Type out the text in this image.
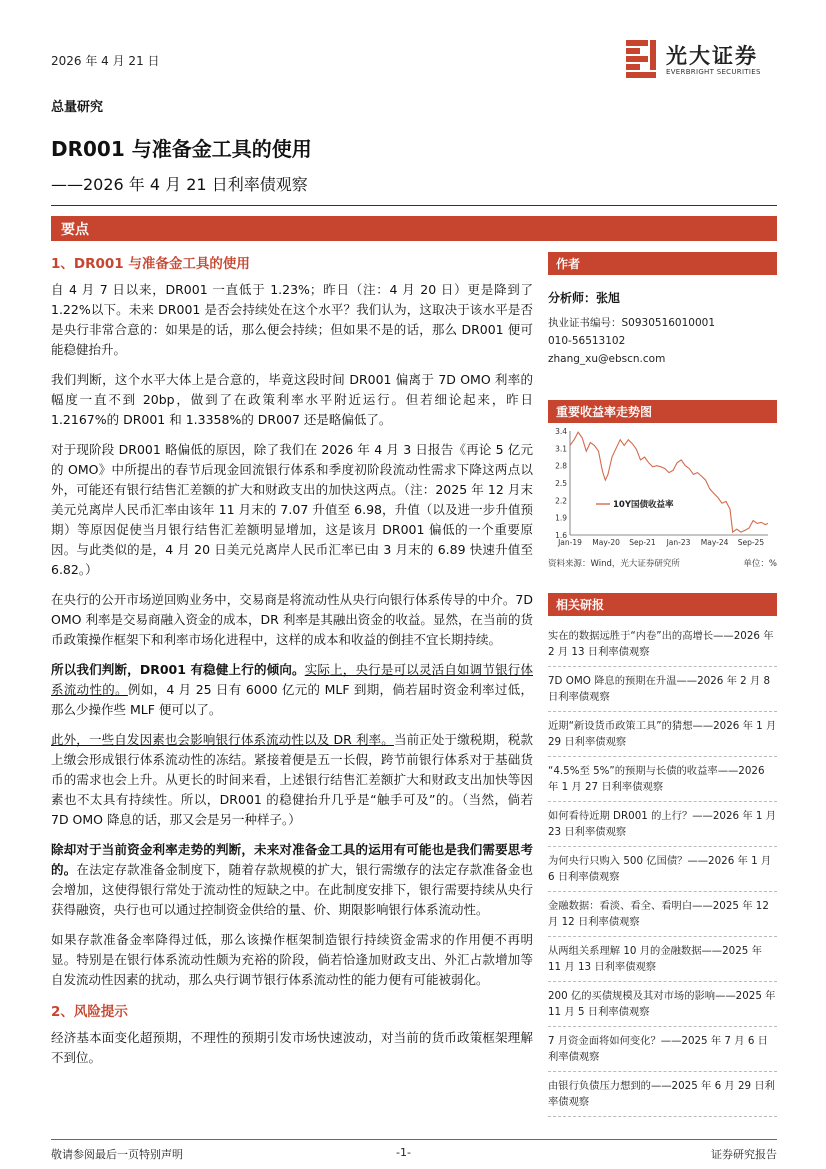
2026 年 4 月 21 日	光大证券
EVERBRIGHT SECURITIES
总量研究
DR001 与准备金工具的使用
——2026 年 4 月 21 日利率债观察
要点
1、DR001 与准备金工具的使用

自 4 月 7 日以来，DR001 一直低于 1.23%；昨日（注：4 月 20 日）更是降到了 1.22%以下。未来 DR001 是否会持续处在这个水平？我们认为，这取决于该水平是否是央行非常合意的：如果是的话，那么便会持续；但如果不是的话，那么 DR001 便可能稳健抬升。

我们判断，这个水平大体上是合意的，毕竟这段时间 DR001 偏离于 7D OMO 利率的幅度一直不到 20bp，做到了在政策利率水平附近运行。但若细论起来，昨日 1.2167%的 DR001 和 1.3358%的 DR007 还是略偏低了。

对于现阶段 DR001 略偏低的原因，除了我们在 2026 年 4 月 3 日报告《再论 5 亿元的 OMO》中所提出的春节后现金回流银行体系和季度初阶段流动性需求下降这两点以外，可能还有银行结售汇差额的扩大和财政支出的加快这两点。（注：2025 年 12 月末美元兑离岸人民币汇率由该年 11 月末的 7.07 升值至 6.98，升值（以及进一步升值预期）等原因促使当月银行结售汇差额明显增加，这是该月 DR001 偏低的一个重要原因。与此类似的是，4 月 20 日美元兑离岸人民币汇率已由 3 月末的 6.89 快速升值至 6.82。）

在央行的公开市场逆回购业务中，交易商是将流动性从央行向银行体系传导的中介。7D OMO 利率是交易商融入资金的成本，DR 利率是其融出资金的收益。显然，在当前的货币政策操作框架下和利率市场化进程中，这样的成本和收益的倒挂不宜长期持续。

所以我们判断，DR001 有稳健上行的倾向。实际上，央行是可以灵活自如调节银行体系流动性的。例如，4 月 25 日有 6000 亿元的 MLF 到期，倘若届时资金利率过低，那么少操作些 MLF 便可以了。

此外，一些自发因素也会影响银行体系流动性以及 DR 利率。当前正处于缴税期，税款上缴会形成银行体系流动性的冻结。紧接着便是五一长假，跨节前银行体系对于基础货币的需求也会上升。从更长的时间来看，上述银行结售汇差额扩大和财政支出加快等因素也不太具有持续性。所以，DR001 的稳健抬升几乎是“触手可及”的。（当然，倘若 7D OMO 降息的话，那又会是另一种样子。）

除却对于当前资金利率走势的判断，未来对准备金工具的运用有可能也是我们需要思考的。在法定存款准备金制度下，随着存款规模的扩大，银行需缴存的法定存款准备金也会增加，这使得银行常处于流动性的短缺之中。在此制度安排下，银行需要持续从央行获得融资，央行也可以通过控制资金供给的量、价、期限影响银行体系流动性。

如果存款准备金率降得过低，那么该操作框架制造银行持续资金需求的作用便不再明显。特别是在银行体系流动性颇为充裕的阶段，倘若恰逢加财政支出、外汇占款增加等自发流动性因素的扰动，那么央行调节银行体系流动性的能力便有可能被弱化。

2、风险提示

经济基本面变化超预期，不理性的预期引发市场快速波动，对当前的货币政策框架理解不到位。

作者
分析师：张旭
执业证书编号：S0930516010001
010-56513102
zhang_xu@ebscn.com
重要收益率走势图
3.4
3.1
2.8
2.5
2.2
1.9
1.6
Jan-19 May-20 Sep-21 Jan-23 May-24 Sep-25
10Y国债收益率
资料来源：Wind，光大证券研究所	单位：%
相关研报
实在的数据远胜于“内卷”出的高增长——2026 年 2 月 13 日利率债观察
7D OMO 降息的预期在升温——2026 年 2 月 8 日利率债观察
近期“新设货币政策工具”的猜想——2026 年 1 月 29 日利率债观察
“4.5%至 5%”的预期与长债的收益率——2026 年 1 月 27 日利率债观察
如何看待近期 DR001 的上行？——2026 年 1 月 23 日利率债观察
为何央行只购入 500 亿国债？——2026 年 1 月 6 日利率债观察
金融数据：看淡、看全、看明白——2025 年 12 月 12 日利率债观察
从两组关系理解 10 月的金融数据——2025 年 11 月 13 日利率债观察
200 亿的买债规模及其对市场的影响——2025 年 11 月 5 日利率债观察
7 月资金面将如何变化？——2025 年 7 月 6 日利率债观察
由银行负债压力想到的——2025 年 6 月 29 日利率债观察
敬请参阅最后一页特别声明	-1-	证券研究报告
